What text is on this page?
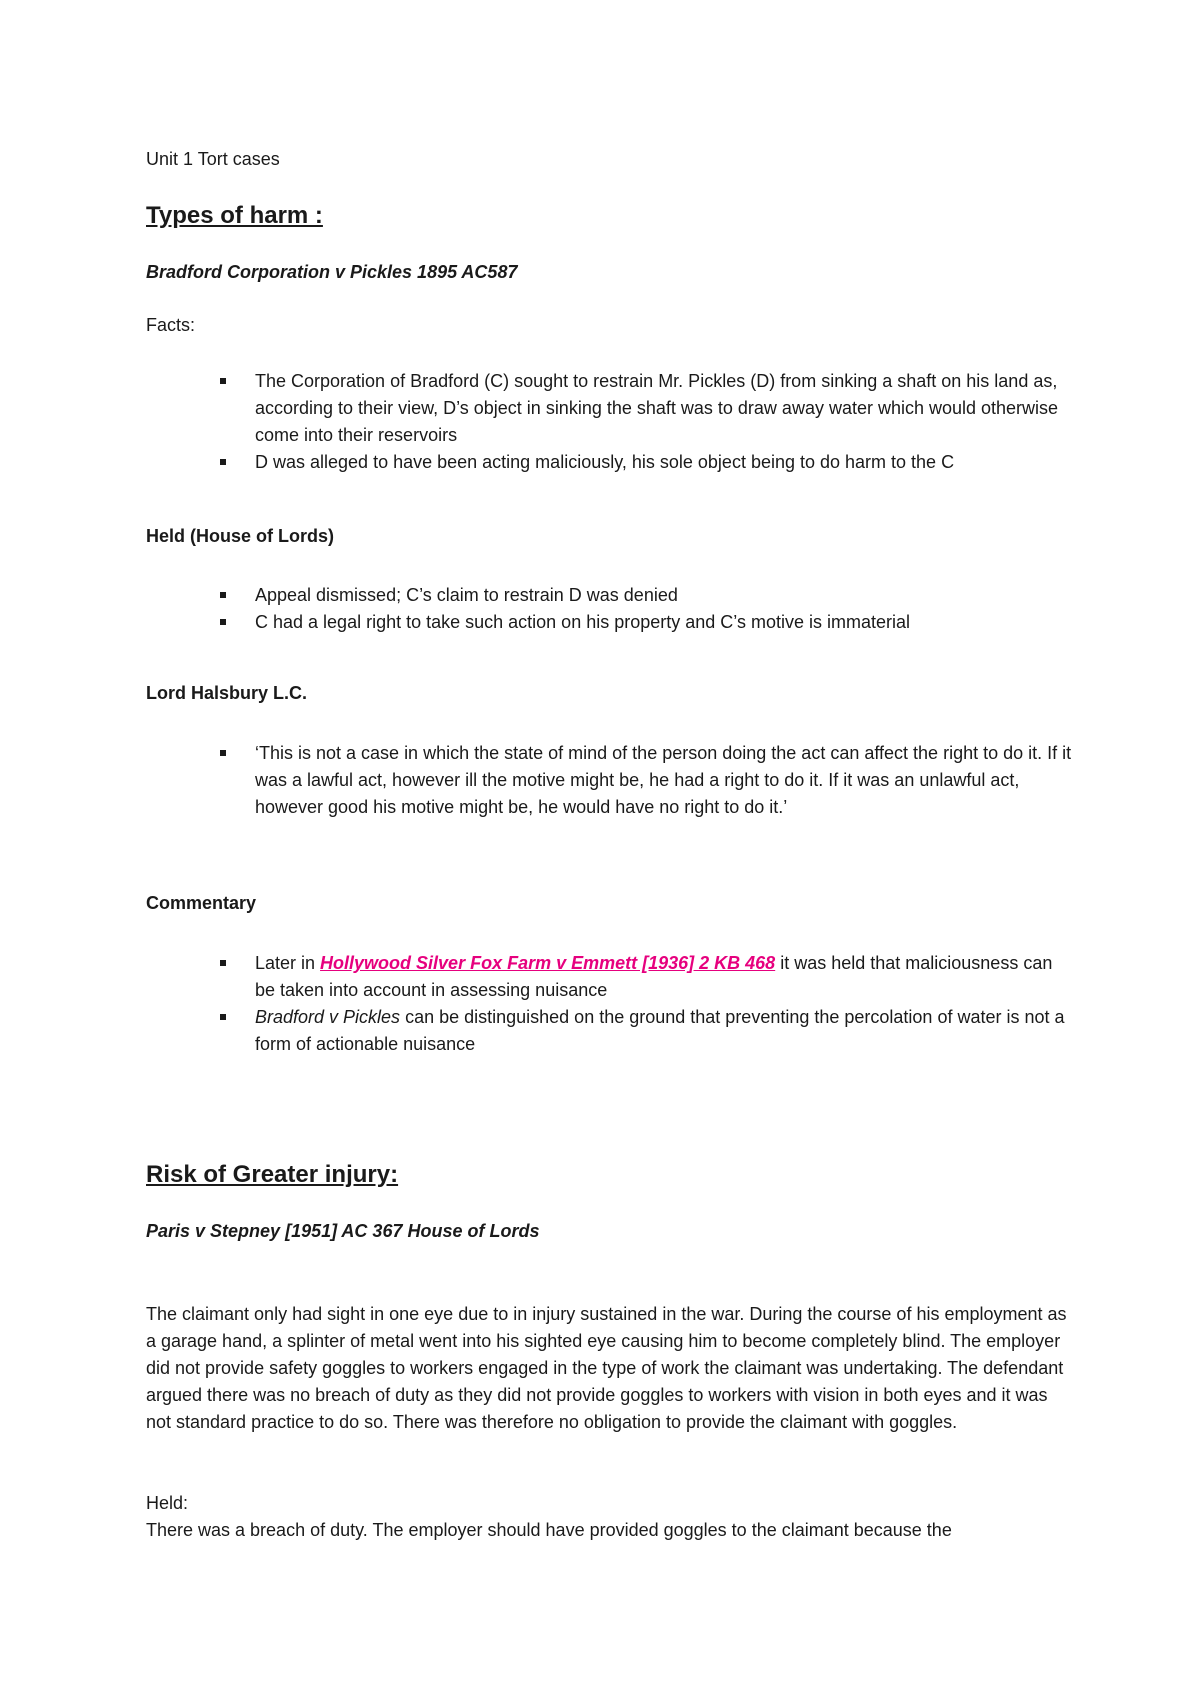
Unit 1 Tort cases

Types of harm :

Bradford Corporation v Pickles 1895 AC587

Facts:

The Corporation of Bradford (C) sought to restrain Mr. Pickles (D) from sinking a shaft on his land as, according to their view, D’s object in sinking the shaft was to draw away water which would otherwise come into their reservoirs
D was alleged to have been acting maliciously, his sole object being to do harm to the C

Held (House of Lords)

Appeal dismissed; C’s claim to restrain D was denied
C had a legal right to take such action on his property and C’s motive is immaterial

Lord Halsbury L.C.

‘This is not a case in which the state of mind of the person doing the act can affect the right to do it. If it was a lawful act, however ill the motive might be, he had a right to do it. If it was an unlawful act, however good his motive might be, he would have no right to do it.’

Commentary

Later in Hollywood Silver Fox Farm v Emmett [1936] 2 KB 468 it was held that maliciousness can be taken into account in assessing nuisance
Bradford v Pickles can be distinguished on the ground that preventing the percolation of water is not a form of actionable nuisance

Risk of Greater injury:

Paris v Stepney [1951] AC 367 House of Lords

The claimant only had sight in one eye due to in injury sustained in the war. During the course of his employment as a garage hand, a splinter of metal went into his sighted eye causing him to become completely blind. The employer did not provide safety goggles to workers engaged in the type of work the claimant was undertaking. The defendant argued there was no breach of duty as they did not provide goggles to workers with vision in both eyes and it was not standard practice to do so. There was therefore no obligation to provide the claimant with goggles.

Held:

There was a breach of duty. The employer should have provided goggles to the claimant because the
